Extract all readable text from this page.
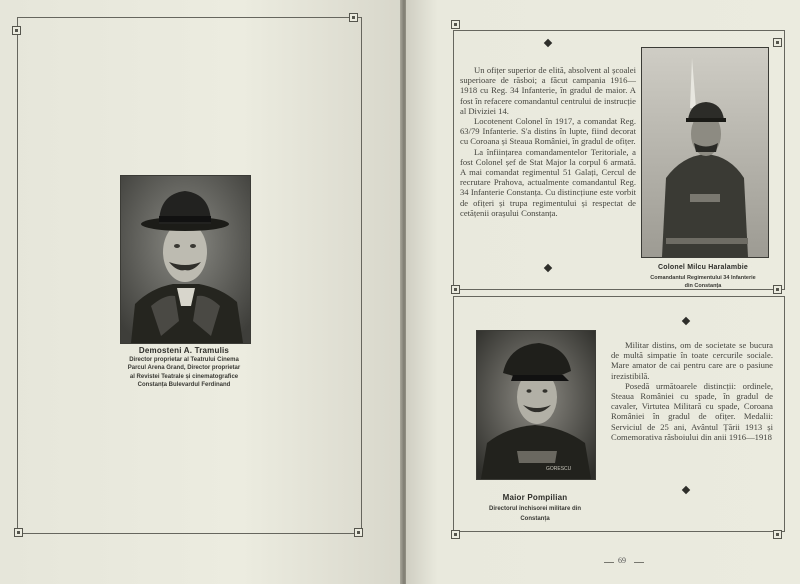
Demosteni A. Tramulis
Director proprietar al Teatrului Cinema
Parcul Arena Grand, Director proprietar
al Revistei Teatrale și cinematografice
Constanța Bulevardul Ferdinand

Un ofițer superior de elită, absolvent al școalei superioare de răsboi; a făcut campania 1916—1918 cu Reg. 34 Infanterie, în gradul de maior. A fost în refacere comandantul centrului de instrucție al Diviziei 14.

Locotenent Colonel în 1917, a comandat Reg. 63/79 Infanterie. S'a distins în lupte, fiind decorat cu Coroana și Steaua României, în gradul de ofițer.

La înființarea comandamentelor Teritoriale, a fost Colonel șef de Stat Major la corpul 6 armată. A mai comandat regimentul 51 Galați, Cercul de recrutare Prahova, actualmente comandantul Reg. 34 Infanterie Constanța. Cu distincțiune este vorbit de ofițeri și trupa regimentului și respectat de cetățenii orașului Constanța.

Colonel Milcu Haralambie
Comandantul Regimentului 34 Infanterie
din Constanța
GORESCU
Maior Pompilian
Directorul închisorei militare din
Constanța

Militar distins, om de societate se bucura de multă simpatie în toate cercurile sociale. Mare amator de cai pentru care are o pasiune irezistibilă.

Posedă următoarele distincții: ordinele, Steaua României cu spade, în gradul de cavaler, Virtutea Militară cu spade, Coroana României în gradul de ofițer. Medalii: Serviciul de 25 ani, Avântul Țării 1913 și Comemorativa răsboiului din anii 1916—1918

69
